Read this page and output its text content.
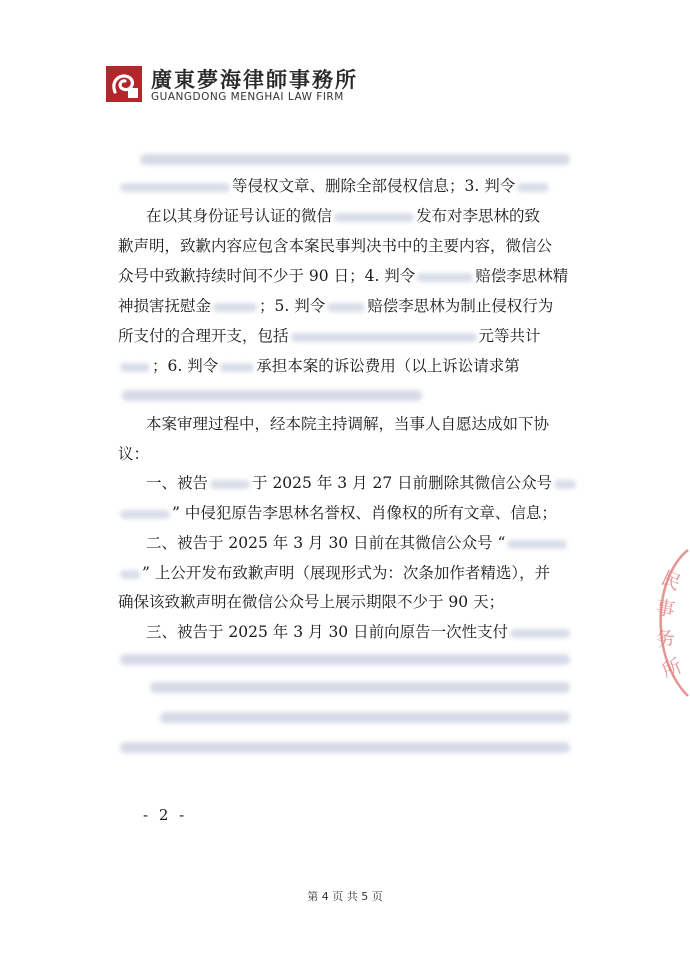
廣東夢海律師事務所
GUANGDONG MENGHAI LAW FIRM
等侵权文章、删除全部侵权信息；3. 判令
在以其身份证号认证的微信	发布对李思林的致
歉声明，致歉内容应包含本案民事判决书中的主要内容，微信公
众号中致歉持续时间不少于 90 日；4. 判令	赔偿李思林精
神损害抚慰金	；5. 判令	赔偿李思林为制止侵权行为
所支付的合理开支，包括	元等共计
；6. 判令 承担本案的诉讼费用（以上诉讼请求第
本案审理过程中，经本院主持调解，当事人自愿达成如下协
议：
一、被告	于 2025 年 3 月 27 日前删除其微信公众号
” 中侵犯原告李思林名誉权、肖像权的所有文章、信息；
二、被告于 2025 年 3 月 30 日前在其微信公众号 “
” 上公开发布致歉声明（展现形式为：次条加作者精选），并
确保该致歉声明在微信公众号上展示期限不少于 90 天；
三、被告于 2025 年 3 月 30 日前向原告一次性支付
- 2 -
第 4 页 共 5 页
民
事
务
所
